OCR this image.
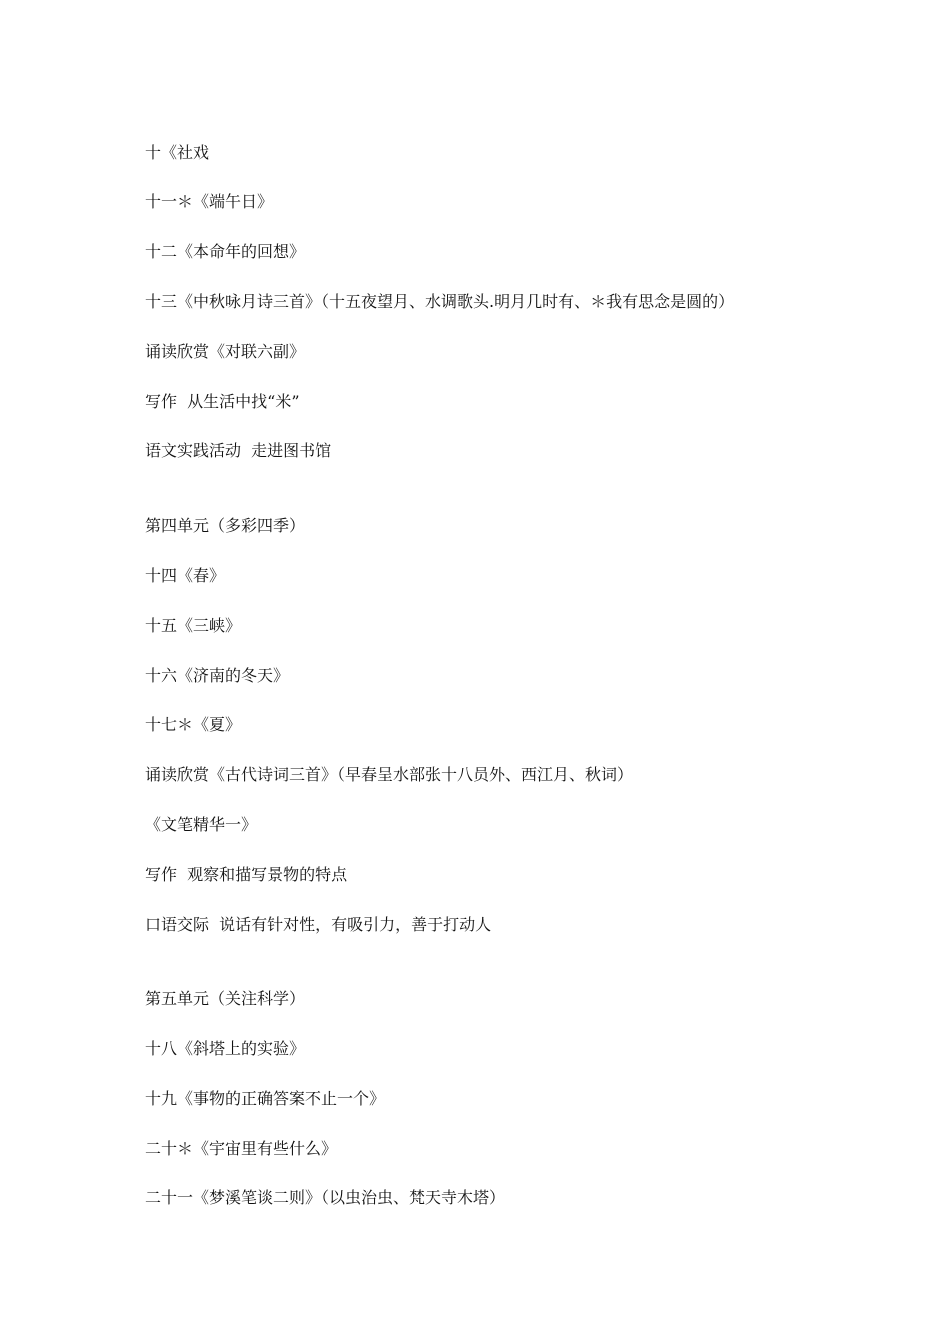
十《社戏
十一＊《端午日》
十二《本命年的回想》
十三《中秋咏月诗三首》（十五夜望月、水调歌头.明月几时有、＊我有思念是圆的）
诵读欣赏《对联六副》
写作  从生活中找“米”
语文实践活动  走进图书馆
第四单元（多彩四季）
十四《春》
十五《三峡》
十六《济南的冬天》
十七＊《夏》
诵读欣赏《古代诗词三首》（早春呈水部张十八员外、西江月、秋词）
《文笔精华一》
写作  观察和描写景物的特点
口语交际  说话有针对性，有吸引力，善于打动人
第五单元（关注科学）
十八《斜塔上的实验》
十九《事物的正确答案不止一个》
二十＊《宇宙里有些什么》
二十一《梦溪笔谈二则》（以虫治虫、梵天寺木塔）
